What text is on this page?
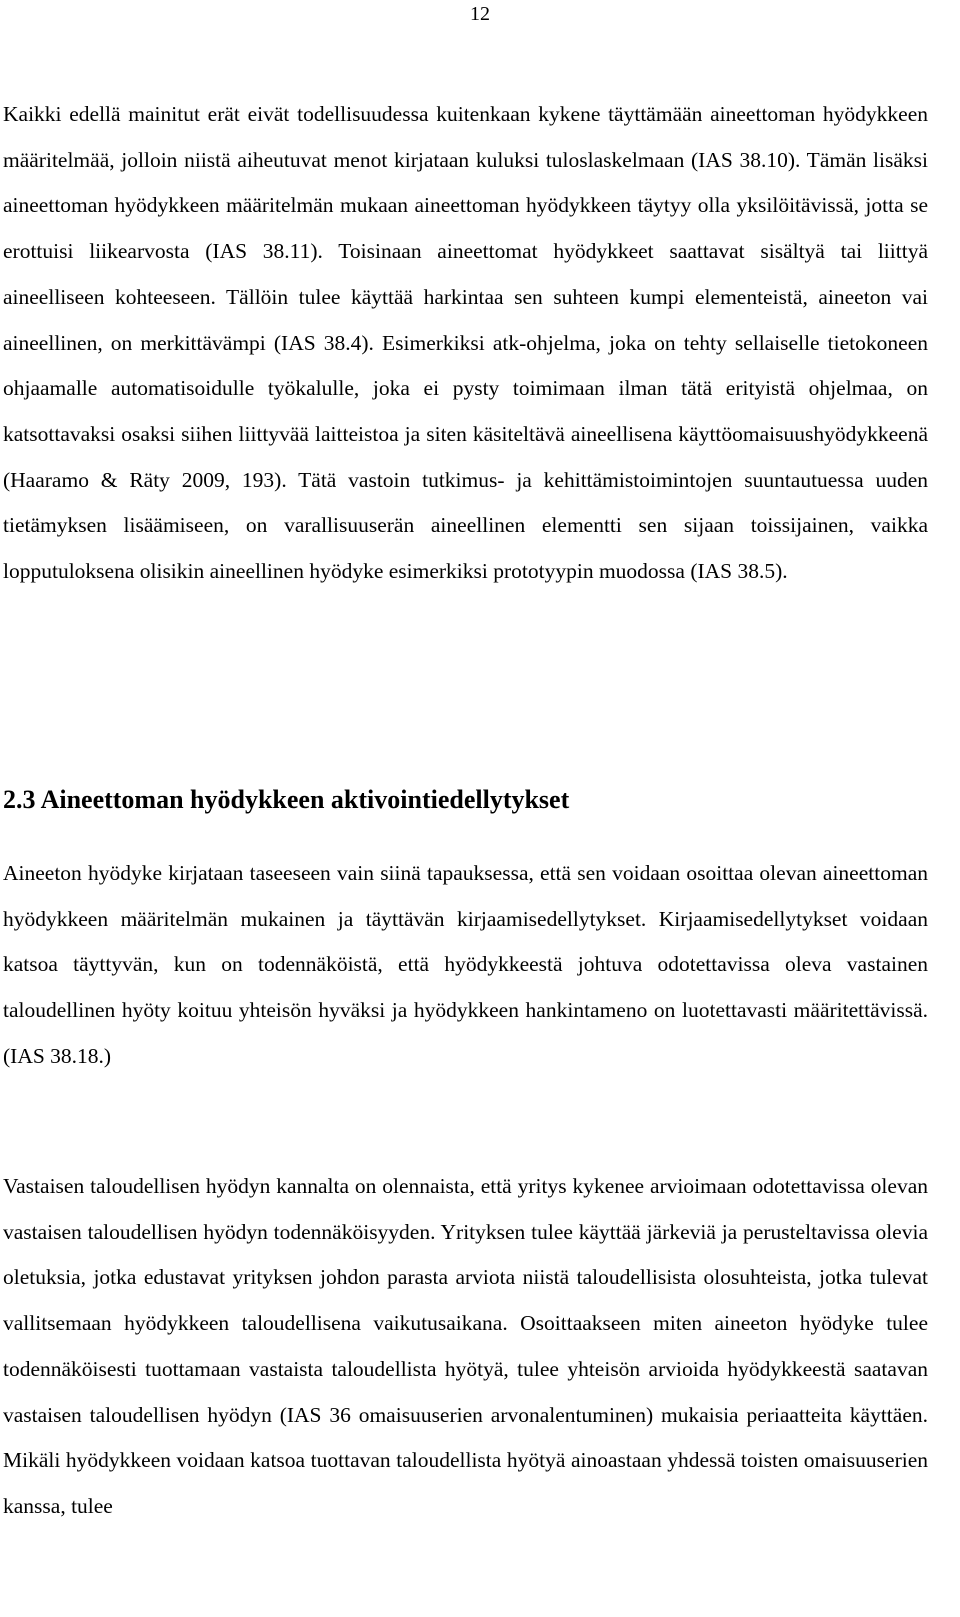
12

Kaikki edellä mainitut erät eivät todellisuudessa kuitenkaan kykene täyttämään aineettoman hyödykkeen määritelmää, jolloin niistä aiheutuvat menot kirjataan kuluksi tuloslaskelmaan (IAS 38.10). Tämän lisäksi aineettoman hyödykkeen määritelmän mukaan aineettoman hyödykkeen täytyy olla yksilöitävissä, jotta se erottuisi liikearvosta (IAS 38.11). Toisinaan aineettomat hyödykkeet saattavat sisältyä tai liittyä aineelliseen kohteeseen. Tällöin tulee käyttää harkintaa sen suhteen kumpi elementeistä, aineeton vai aineellinen, on merkittävämpi (IAS 38.4). Esimerkiksi atk-ohjelma, joka on tehty sellaiselle tietokoneen ohjaamalle automatisoidulle työkalulle, joka ei pysty toimimaan ilman tätä erityistä ohjelmaa, on katsottavaksi osaksi siihen liittyvää laitteistoa ja siten käsiteltävä aineellisena käyttöomaisuushyödykkeenä (Haaramo & Räty 2009, 193). Tätä vastoin tutkimus- ja kehittämistoimintojen suuntautuessa uuden tietämyksen lisäämiseen, on varallisuuserän aineellinen elementti sen sijaan toissijainen, vaikka lopputuloksena olisikin aineellinen hyödyke esimerkiksi prototyypin muodossa (IAS 38.5).

2.3 Aineettoman hyödykkeen aktivointiedellytykset

Aineeton hyödyke kirjataan taseeseen vain siinä tapauksessa, että sen voidaan osoittaa olevan aineettoman hyödykkeen määritelmän mukainen ja täyttävän kirjaamisedellytykset. Kirjaamisedellytykset voidaan katsoa täyttyvän, kun on todennäköistä, että hyödykkeestä johtuva odotettavissa oleva vastainen taloudellinen hyöty koituu yhteisön hyväksi ja hyödykkeen hankintameno on luotettavasti määritettävissä. (IAS 38.18.)

Vastaisen taloudellisen hyödyn kannalta on olennaista, että yritys kykenee arvioimaan odotettavissa olevan vastaisen taloudellisen hyödyn todennäköisyyden. Yrityksen tulee käyttää järkeviä ja perusteltavissa olevia oletuksia, jotka edustavat yrityksen johdon parasta arviota niistä taloudellisista olosuhteista, jotka tulevat vallitsemaan hyödykkeen taloudellisena vaikutusaikana. Osoittaakseen miten aineeton hyödyke tulee todennäköisesti tuottamaan vastaista taloudellista hyötyä, tulee yhteisön arvioida hyödykkeestä saatavan vastaisen taloudellisen hyödyn (IAS 36 omaisuuserien arvonalentuminen) mukaisia periaatteita käyttäen. Mikäli hyödykkeen voidaan katsoa tuottavan taloudellista hyötyä ainoastaan yhdessä toisten omaisuuserien kanssa, tulee
